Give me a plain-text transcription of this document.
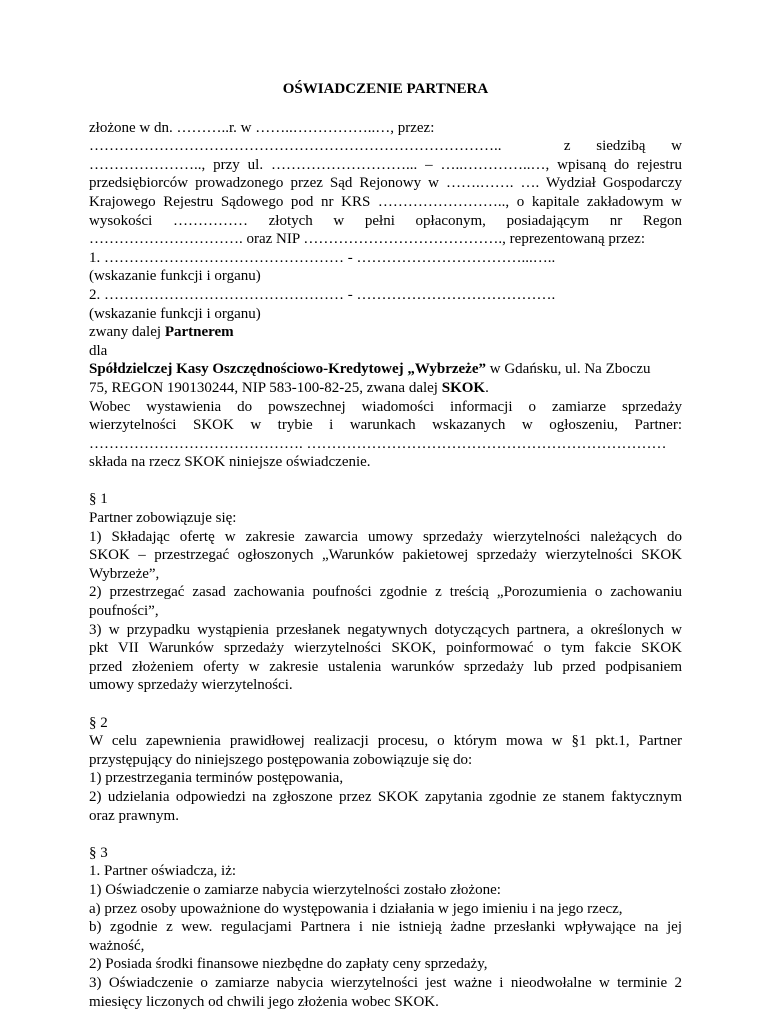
OŚWIADCZENIE PARTNERA
złożone w dn. ………..r. w ……..……………..…, przez:
………………………………………………………………………..	z siedzibą w
………………….., przy ul. ………………………... – …..…………..…, wpisaną do rejestru
przedsiębiorców prowadzonego przez Sąd Rejonowy w …….……. …. Wydział Gospodarczy
Krajowego Rejestru Sądowego pod nr KRS …………………….., o kapitale zakładowym w
wysokości …………… złotych w pełni opłaconym, posiadającym nr Regon
…………………………. oraz NIP …………………………………., reprezentowaną przez:
1. ………………………………………… - ……………………………...…..
(wskazanie funkcji i organu)
2. ………………………………………… - ………………………………….
(wskazanie funkcji i organu)
zwany dalej Partnerem
dla
Spółdzielczej Kasy Oszczędnościowo-Kredytowej „Wybrzeże” w Gdańsku, ul. Na Zboczu
75, REGON 190130244, NIP 583-100-82-25, zwana dalej SKOK.
Wobec wystawienia do powszechnej wiadomości informacji o zamiarze sprzedaży
wierzytelności SKOK w trybie i warunkach wskazanych w ogłoszeniu, Partner:
……………………………………. ………………………………………………………………
składa na rzecz SKOK niniejsze oświadczenie.
§ 1
Partner zobowiązuje się:
1) Składając ofertę w zakresie zawarcia umowy sprzedaży wierzytelności należących do
SKOK – przestrzegać ogłoszonych „Warunków pakietowej sprzedaży wierzytelności SKOK
Wybrzeże”,
2) przestrzegać zasad zachowania poufności zgodnie z treścią „Porozumienia o zachowaniu
poufności”,
3) w przypadku wystąpienia przesłanek negatywnych dotyczących partnera, a określonych w
pkt VII Warunków sprzedaży wierzytelności SKOK, poinformować o tym fakcie SKOK
przed złożeniem oferty w zakresie ustalenia warunków sprzedaży lub przed podpisaniem
umowy sprzedaży wierzytelności.
§ 2
W celu zapewnienia prawidłowej realizacji procesu, o którym mowa w §1 pkt.1, Partner
przystępujący do niniejszego postępowania zobowiązuje się do:
1) przestrzegania terminów postępowania,
2) udzielania odpowiedzi na zgłoszone przez SKOK zapytania zgodnie ze stanem faktycznym
oraz prawnym.
§ 3
1. Partner oświadcza, iż:
1) Oświadczenie o zamiarze nabycia wierzytelności zostało złożone:
a) przez osoby upoważnione do występowania i działania w jego imieniu i na jego rzecz,
b) zgodnie z wew. regulacjami Partnera i nie istnieją żadne przesłanki wpływające na jej
ważność,
2) Posiada środki finansowe niezbędne do zapłaty ceny sprzedaży,
3) Oświadczenie o zamiarze nabycia wierzytelności jest ważne i nieodwołalne w terminie 2
miesięcy liczonych od chwili jego złożenia wobec SKOK.
